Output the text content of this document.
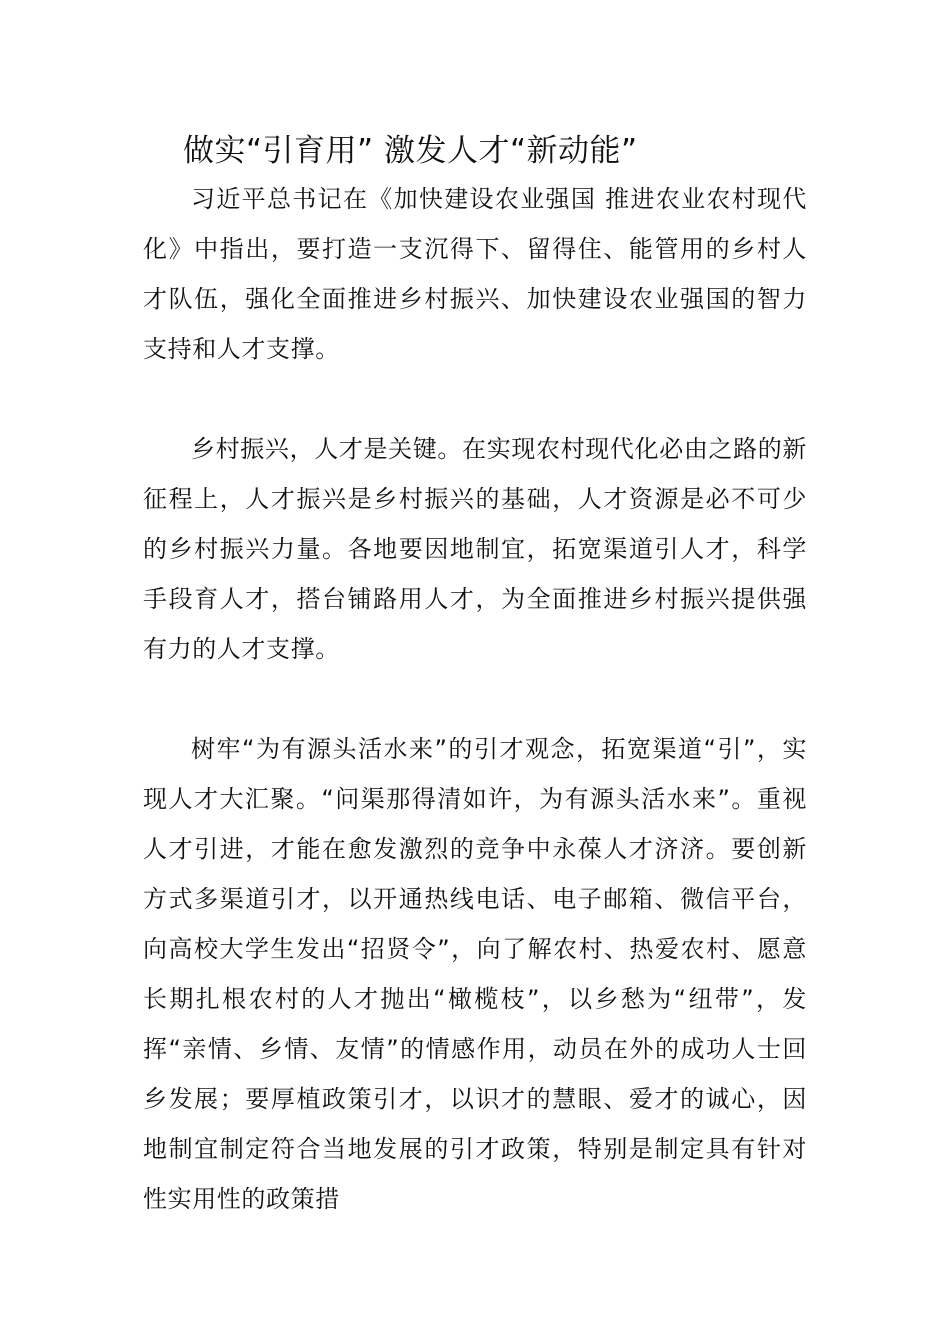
做实“引育用” 激发人才“新动能”

习近平总书记在《加快建设农业强国 推进农业农村现代化》中指出，要打造一支沉得下、留得住、能管用的乡村人才队伍，强化全面推进乡村振兴、加快建设农业强国的智力支持和人才支撑。

乡村振兴，人才是关键。在实现农村现代化必由之路的新征程上，人才振兴是乡村振兴的基础，人才资源是必不可少的乡村振兴力量。各地要因地制宜，拓宽渠道引人才，科学手段育人才，搭台铺路用人才，为全面推进乡村振兴提供强有力的人才支撑。

树牢“为有源头活水来”的引才观念，拓宽渠道“引”，实现人才大汇聚。“问渠那得清如许，为有源头活水来”。重视人才引进，才能在愈发激烈的竞争中永葆人才济济。要创新方式多渠道引才，以开通热线电话、电子邮箱、微信平台，向高校大学生发出“招贤令”，向了解农村、热爱农村、愿意长期扎根农村的人才抛出“橄榄枝”，以乡愁为“纽带”，发挥“亲情、乡情、友情”的情感作用，动员在外的成功人士回乡发展；要厚植政策引才，以识才的慧眼、爱才的诚心，因地制宜制定符合当地发展的引才政策，特别是制定具有针对性实用性的政策措
